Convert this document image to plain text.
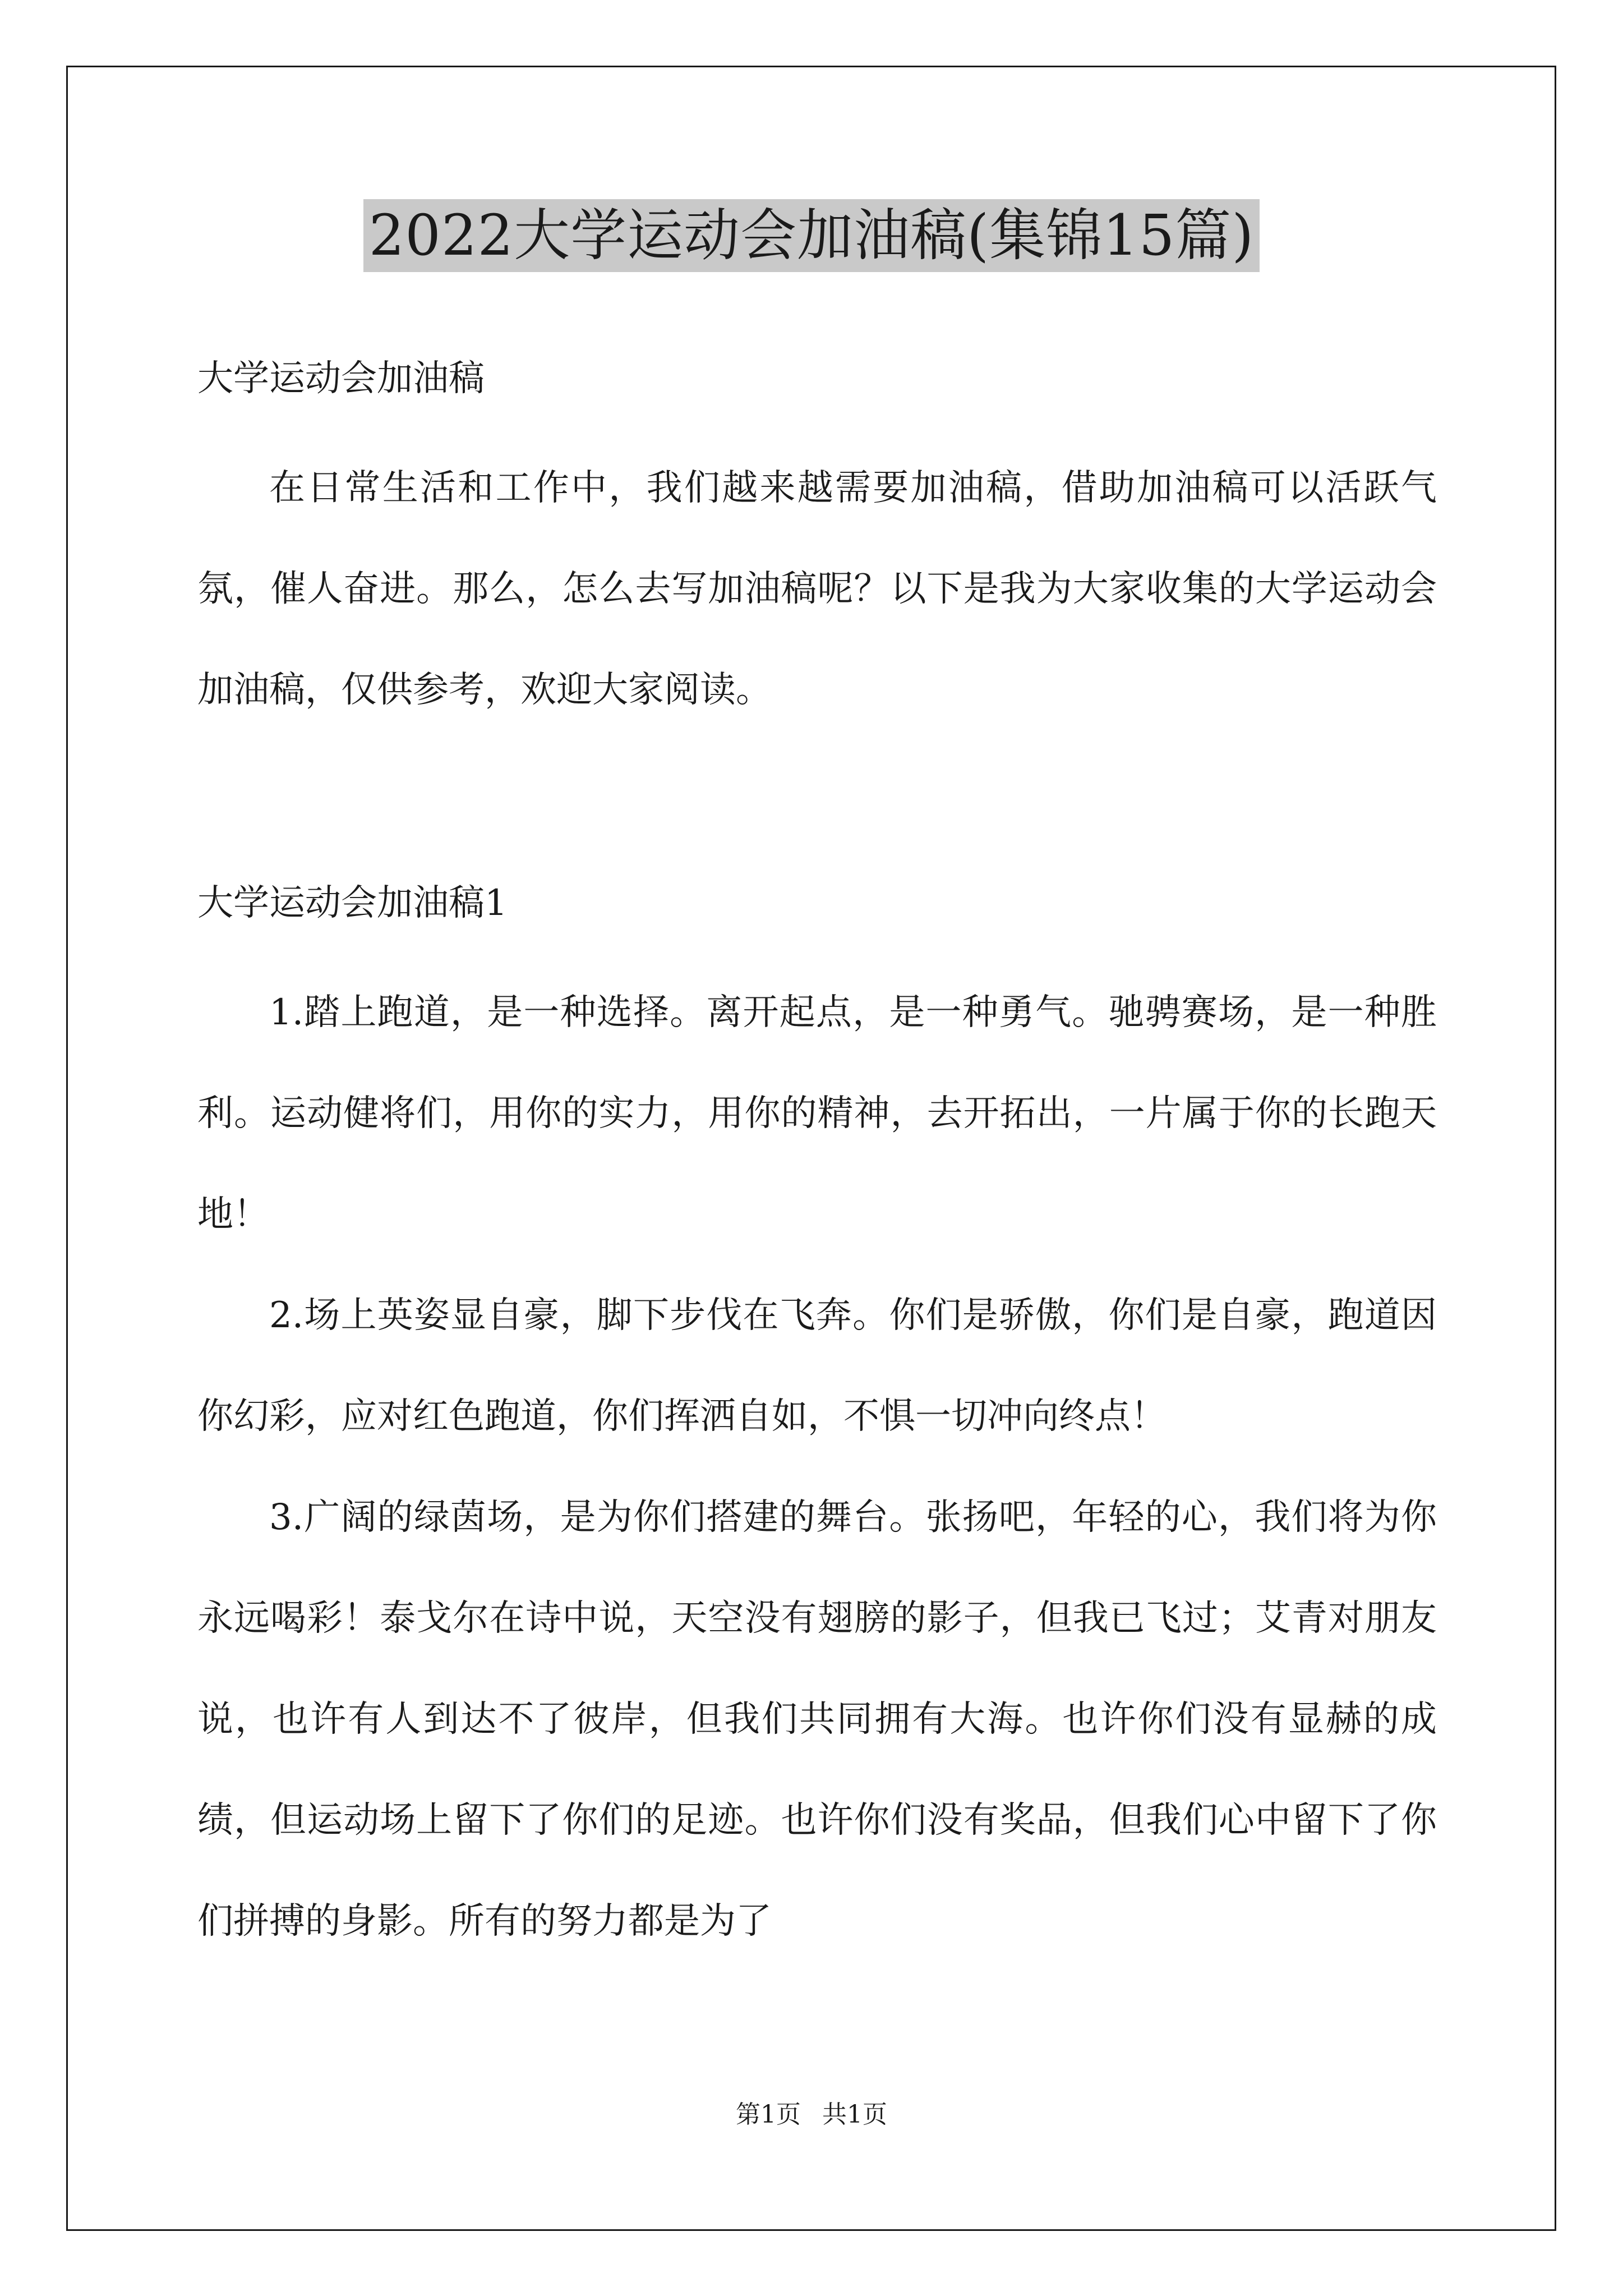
2022大学运动会加油稿(集锦15篇)

大学运动会加油稿

在日常生活和工作中，我们越来越需要加油稿，借助加油稿可以活跃气氛，催人奋进。那么，怎么去写加油稿呢？以下是我为大家收集的大学运动会加油稿，仅供参考，欢迎大家阅读。

大学运动会加油稿1

1.踏上跑道，是一种选择。离开起点，是一种勇气。驰骋赛场，是一种胜利。运动健将们，用你的实力，用你的精神，去开拓出，一片属于你的长跑天地！

2.场上英姿显自豪，脚下步伐在飞奔。你们是骄傲，你们是自豪，跑道因你幻彩，应对红色跑道，你们挥洒自如，不惧一切冲向终点！

3.广阔的绿茵场，是为你们搭建的舞台。张扬吧，年轻的心，我们将为你永远喝彩！泰戈尔在诗中说，天空没有翅膀的影子，但我已飞过；艾青对朋友说，也许有人到达不了彼岸，但我们共同拥有大海。也许你们没有显赫的成绩，但运动场上留下了你们的足迹。也许你们没有奖品，但我们心中留下了你们拼搏的身影。所有的努力都是为了

第1页 共1页
